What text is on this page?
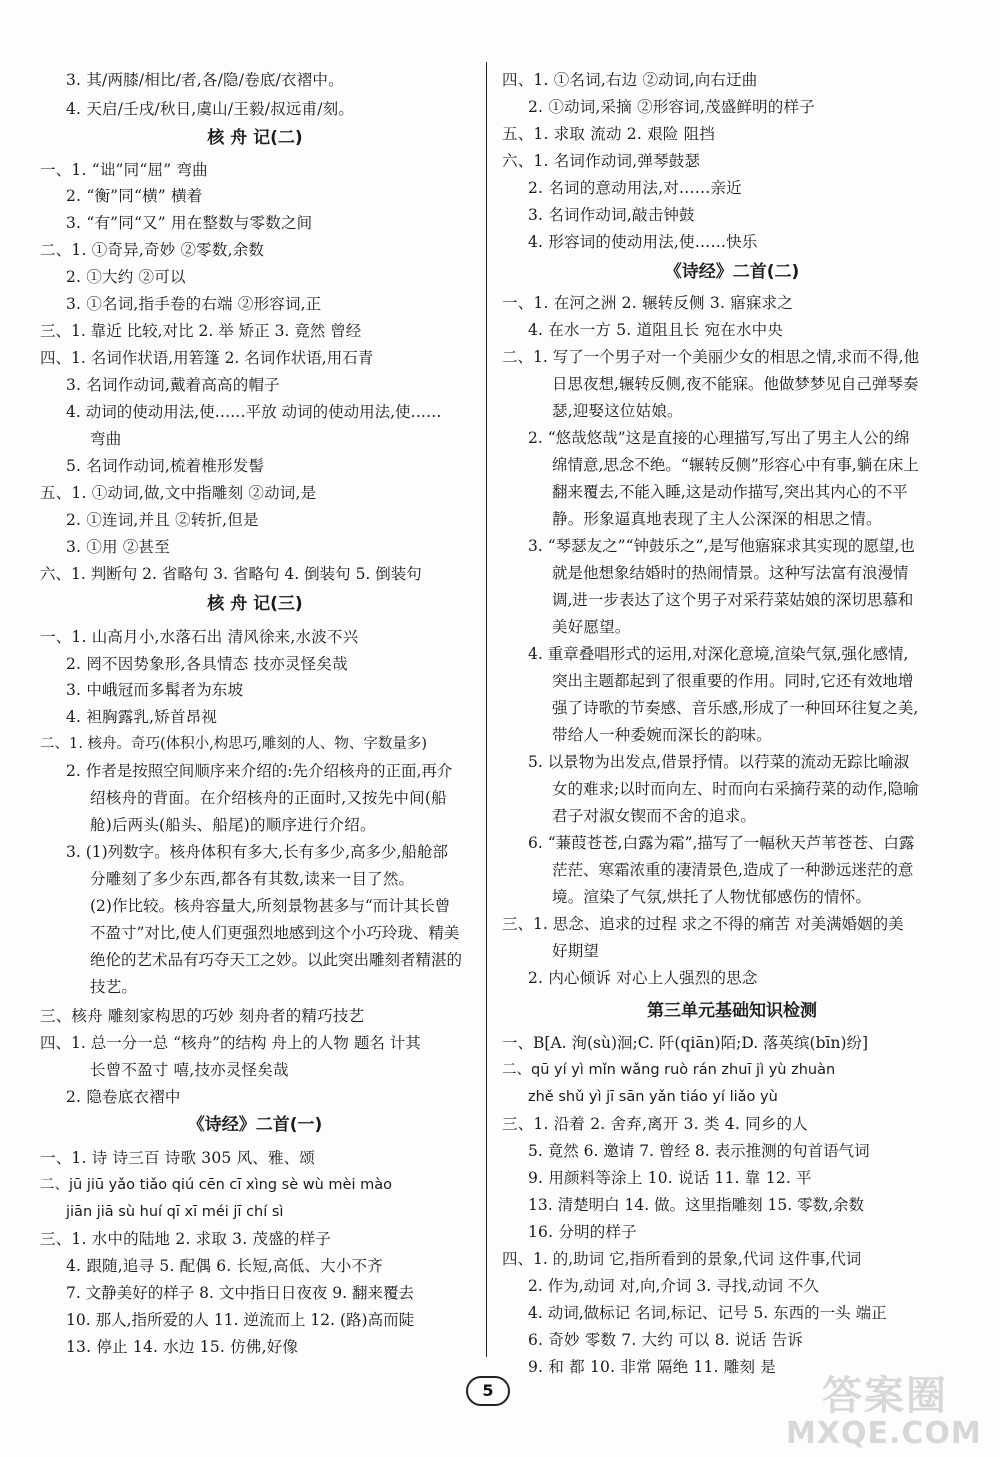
3. 其/两膝/相比/者,各/隐/卷底/衣褶中。
4. 天启/壬戌/秋日,虞山/王毅/叔远甫/刻。
核 舟 记(二)
一、1. “诎”同“屈” 弯曲
2. “衡”同“横” 横着
3. “有”同“又” 用在整数与零数之间
二、1. ①奇异,奇妙 ②零数,余数
2. ①大约 ②可以
3. ①名词,指手卷的右端 ②形容词,正
三、1. 靠近 比较,对比 2. 举 矫正 3. 竟然 曾经
四、1. 名词作状语,用箬篷 2. 名词作状语,用石青
3. 名词作动词,戴着高高的帽子
4. 动词的使动用法,使……平放 动词的使动用法,使……
弯曲
5. 名词作动词,梳着椎形发髻
五、1. ①动词,做,文中指雕刻 ②动词,是
2. ①连词,并且 ②转折,但是
3. ①用 ②甚至
六、1. 判断句 2. 省略句 3. 省略句 4. 倒装句 5. 倒装句
核 舟 记(三)
一、1. 山高月小,水落石出 清风徐来,水波不兴
2. 罔不因势象形,各具情态 技亦灵怪矣哉
3. 中峨冠而多髯者为东坡
4. 袒胸露乳,矫首昂视
二、1. 核舟。奇巧(体积小,构思巧,雕刻的人、物、字数量多)
2. 作者是按照空间顺序来介绍的:先介绍核舟的正面,再介
绍核舟的背面。在介绍核舟的正面时,又按先中间(船
舱)后两头(船头、船尾)的顺序进行介绍。
3. (1)列数字。核舟体积有多大,长有多少,高多少,船舱部
分雕刻了多少东西,都各有其数,读来一目了然。
(2)作比较。核舟容量大,所刻景物甚多与“而计其长曾
不盈寸”对比,使人们更强烈地感到这个小巧玲珑、精美
绝伦的艺术品有巧夺天工之妙。以此突出雕刻者精湛的
技艺。
三、核舟 雕刻家构思的巧妙 刻舟者的精巧技艺
四、1. 总一分一总 “核舟”的结构 舟上的人物 题名 计其
长曾不盈寸 嘻,技亦灵怪矣哉
2. 隐卷底衣褶中
《诗经》二首(一)
一、1. 诗 诗三百 诗歌 305 风、雅、颂
二、jū jiū yǎo tiǎo qiú cēn cī xìng sè wù mèi mào
jiān jiā sù huí qī xī méi jī chí sì
三、1. 水中的陆地 2. 求取 3. 茂盛的样子
4. 跟随,追寻 5. 配偶 6. 长短,高低、大小不齐
7. 文静美好的样子 8. 文中指日日夜夜 9. 翻来覆去
10. 那人,指所爱的人 11. 逆流而上 12. (路)高而陡
13. 停止 14. 水边 15. 仿佛,好像
四、1. ①名词,右边 ②动词,向右迂曲
2. ①动词,采摘 ②形容词,茂盛鲜明的样子
五、1. 求取 流动 2. 艰险 阻挡
六、1. 名词作动词,弹琴鼓瑟
2. 名词的意动用法,对……亲近
3. 名词作动词,敲击钟鼓
4. 形容词的使动用法,使……快乐
《诗经》二首(二)
一、1. 在河之洲 2. 辗转反侧 3. 寤寐求之
4. 在水一方 5. 道阻且长 宛在水中央
二、1. 写了一个男子对一个美丽少女的相思之情,求而不得,他
日思夜想,辗转反侧,夜不能寐。他做梦梦见自己弹琴奏
瑟,迎娶这位姑娘。
2. “悠哉悠哉”这是直接的心理描写,写出了男主人公的绵
绵情意,思念不绝。“辗转反侧”形容心中有事,躺在床上
翻来覆去,不能入睡,这是动作描写,突出其内心的不平
静。形象逼真地表现了主人公深深的相思之情。
3. “琴瑟友之”“钟鼓乐之”,是写他寤寐求其实现的愿望,也
就是他想象结婚时的热闹情景。这种写法富有浪漫情
调,进一步表达了这个男子对采荇菜姑娘的深切思慕和
美好愿望。
4. 重章叠唱形式的运用,对深化意境,渲染气氛,强化感情,
突出主题都起到了很重要的作用。同时,它还有效地增
强了诗歌的节奏感、音乐感,形成了一种回环往复之美,
带给人一种委婉而深长的韵味。
5. 以景物为出发点,借景抒情。以荇菜的流动无踪比喻淑
女的难求;以时而向左、时而向右采摘荇菜的动作,隐喻
君子对淑女锲而不舍的追求。
6. “蒹葭苍苍,白露为霜”,描写了一幅秋天芦苇苍苍、白露
茫茫、寒霜浓重的凄清景色,造成了一种渺远迷茫的意
境。渲染了气氛,烘托了人物忧郁感伤的情怀。
三、1. 思念、追求的过程 求之不得的痛苦 对美满婚姻的美
好期望
2. 内心倾诉 对心上人强烈的思念
第三单元基础知识检测
一、B[A. 洵(sù)洄;C. 阡(qiān)陌;D. 落英缤(bīn)纷]
二、qū yí yì mǐn wǎng ruò rán zhuī jì yù zhuàn
zhě shǔ yì jī sān yǎn tiáo yí liǎo yù
三、1. 沿着 2. 舍弃,离开 3. 类 4. 同乡的人
5. 竟然 6. 邀请 7. 曾经 8. 表示推测的句首语气词
9. 用颜料等涂上 10. 说话 11. 靠 12. 平
13. 清楚明白 14. 做。这里指雕刻 15. 零数,余数
16. 分明的样子
四、1. 的,助词 它,指所看到的景象,代词 这件事,代词
2. 作为,动词 对,向,介词 3. 寻找,动词 不久
4. 动词,做标记 名词,标记、记号 5. 东西的一头 端正
6. 奇妙 零数 7. 大约 可以 8. 说话 告诉
9. 和 都 10. 非常 隔绝 11. 雕刻 是
5	答案圈
MXQE.COM
